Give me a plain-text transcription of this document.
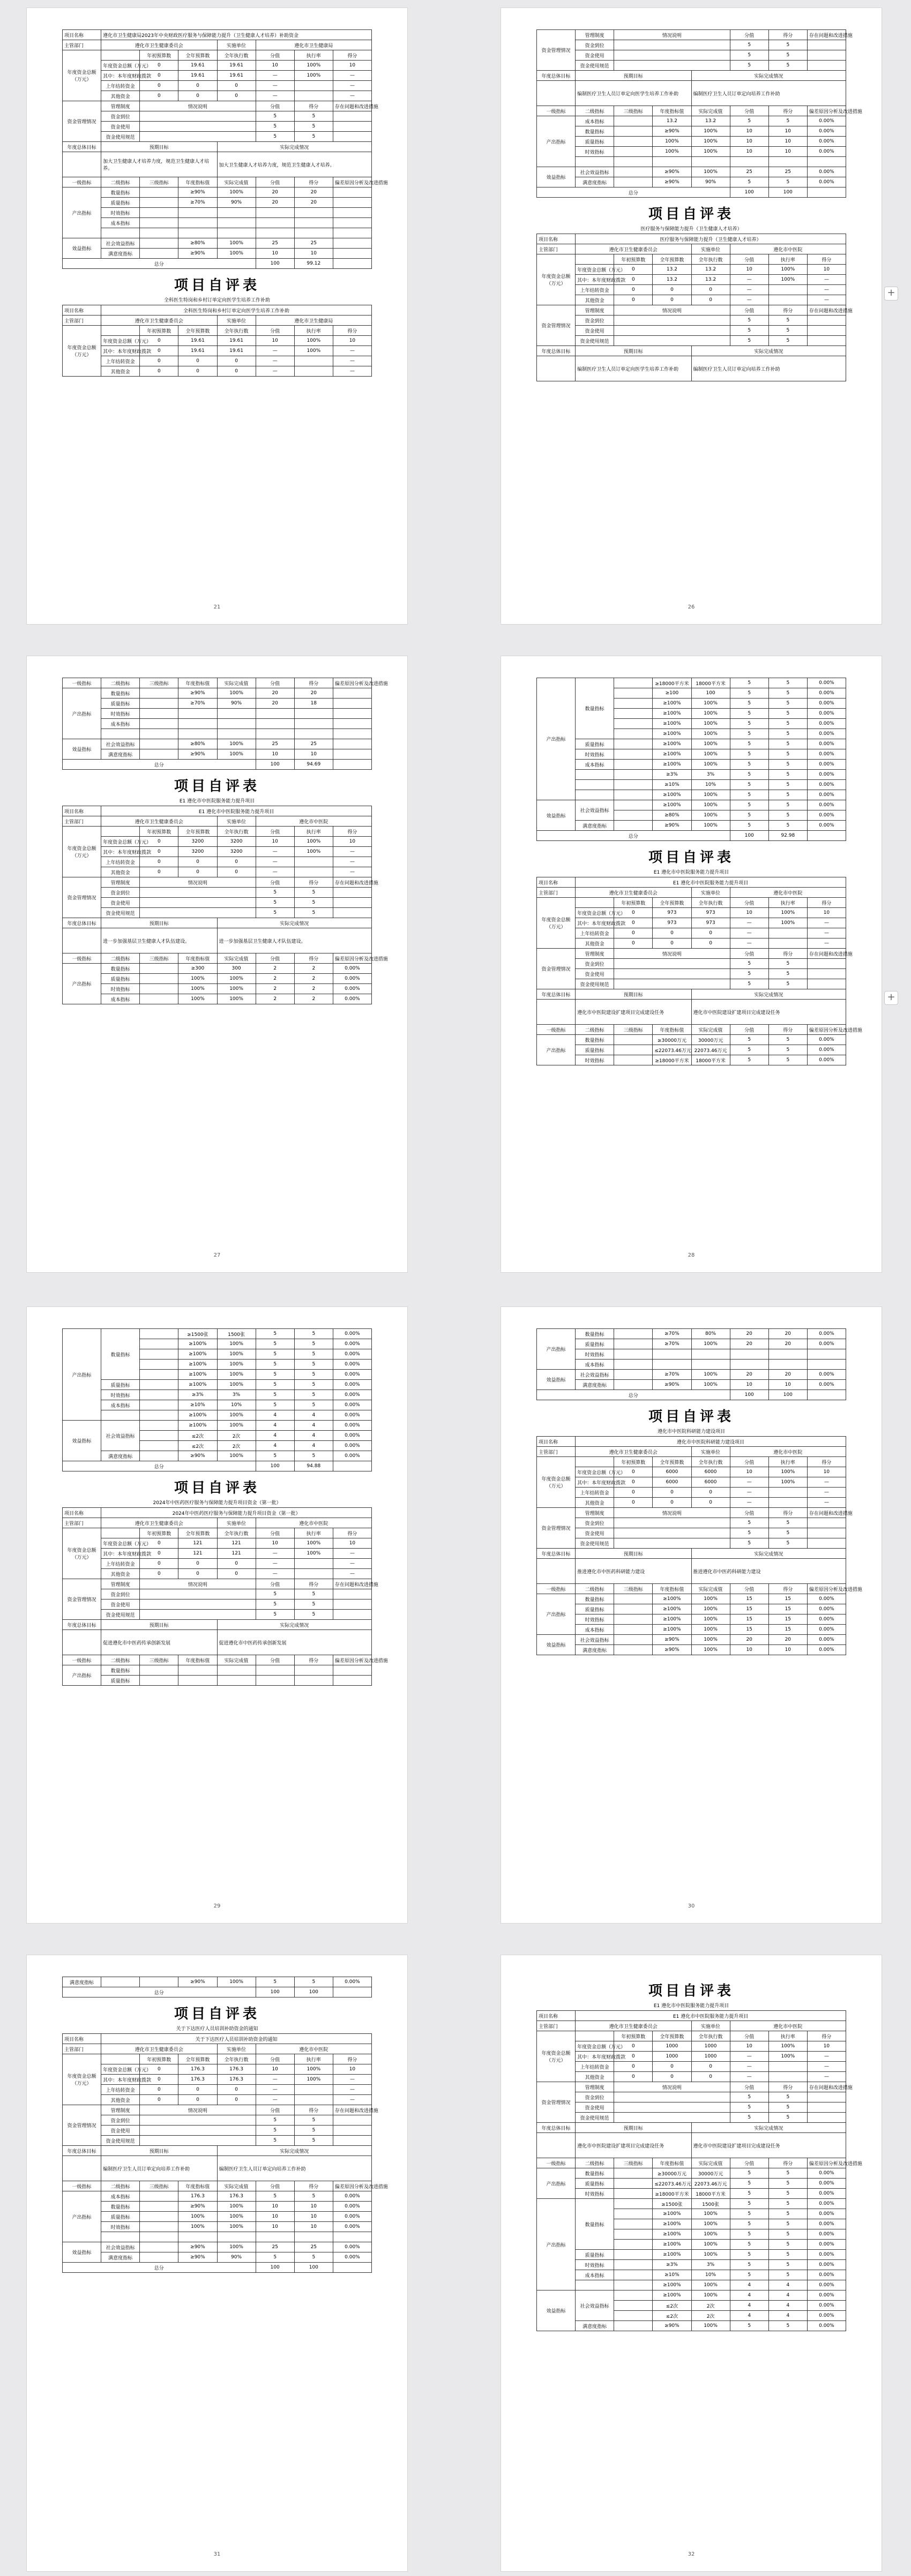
项目名称	遵化市卫生健康局2023年中央财政医疗服务与保障能力提升（卫生健康人才培养）补助资金						
主管部门	遵化市卫生健康委员会			实施单位	遵化市卫生健康局		
年度资金总额（万元）		年初预算数	全年预算数	全年执行数	分值	执行率	得分
	年度资金总额（万元）	0	19.61	19.61	10	100%	10
	其中：本年度财政拨款	0	19.61	19.61	—	100%	—
	上年结转资金	0	0	0	—		—
	其他资金	0	0	0	—		—
资金管理情况	管理制度	情况说明			分值	得分	存在问题和改进措施
	资金到位				5	5	
	资金使用				5	5	
	资金使用规范				5	5	
年度总体目标	预期目标			实际完成情况			
	加大卫生健康人才培养力度，规范卫生健康人才培养。			加大卫生健康人才培养力度，规范卫生健康人才培养。			
一级指标	二级指标	三级指标	年度指标值	实际完成值	分值	得分	偏差原因分析及改进措施
产出指标	数量指标		≥90%	100%	20	20	
	质量指标		≥70%	90%	20	20	
	时效指标						
	成本指标						

效益指标	社会效益指标		≥80%	100%	25	25	
	满意度指标		≥90%	100%	10	10	
总分					100	99.12	
项目自评表
全科医生特岗和乡村订单定向医学生培养工作补助
项目名称	全科医生特岗和乡村订单定向医学生培养工作补助						
主管部门	遵化市卫生健康委员会			实施单位	遵化市卫生健康局		
年度资金总额（万元）		年初预算数	全年预算数	全年执行数	分值	执行率	得分
	年度资金总额（万元）	0	19.61	19.61	10	100%	10
	其中：本年度财政拨款	0	19.61	19.61	—	100%	—
	上年结转资金	0	0	0	—		—
	其他资金	0	0	0	—		—
21
资金管理情况	管理制度	情况说明			分值	得分	存在问题和改进措施
	资金到位				5	5	
	资金使用				5	5	
	资金使用规范				5	5	
年度总体目标	预期目标			实际完成情况			
	编制医疗卫生人员订单定向医学生培养工作补助			编制医疗卫生人员订单定向培养工作补助			
一级指标	二级指标	三级指标	年度指标值	实际完成值	分值	得分	偏差原因分析及改进措施
产出指标	成本指标		13.2	13.2	5	5	0.00%
	数量指标		≥90%	100%	10	10	0.00%
	质量指标		100%	100%	10	10	0.00%
	时效指标		100%	100%	10	10	0.00%

效益指标	社会效益指标		≥90%	100%	25	25	0.00%
	满意度指标		≥90%	90%	5	5	0.00%
总分					100	100	
项目自评表
医疗服务与保障能力提升（卫生健康人才培养）
项目名称	医疗服务与保障能力提升（卫生健康人才培养）						
主管部门	遵化市卫生健康委员会			实施单位	遵化市中医院		
年度资金总额（万元）		年初预算数	全年预算数	全年执行数	分值	执行率	得分
	年度资金总额（万元）	0	13.2	13.2	10	100%	10
	其中：本年度财政拨款	0	13.2	13.2	—	100%	—
	上年结转资金	0	0	0	—		—
	其他资金	0	0	0	—		—
资金管理情况	管理制度	情况说明			分值	得分	存在问题和改进措施
	资金到位				5	5	
	资金使用				5	5	
	资金使用规范				5	5	
年度总体目标	预期目标			实际完成情况			
	编制医疗卫生人员订单定向医学生培养工作补助			编制医疗卫生人员订单定向培养工作补助			
26
+
一级指标	二级指标	三级指标	年度指标值	实际完成值	分值	得分	偏差原因分析及改进措施
产出指标	数量指标		≥90%	100%	20	20	
	质量指标		≥70%	90%	20	18	
	时效指标						
	成本指标						

效益指标	社会效益指标		≥80%	100%	25	25	
	满意度指标		≥90%	100%	10	10	
总分					100	94.69	
项目自评表
E1 遵化市中医院服务能力提升项目
项目名称	E1 遵化市中医院服务能力提升项目						
主管部门	遵化市卫生健康委员会			实施单位	遵化市中医院		
年度资金总额（万元）		年初预算数	全年预算数	全年执行数	分值	执行率	得分
	年度资金总额（万元）	0	3200	3200	10	100%	10
	其中：本年度财政拨款	0	3200	3200	—	100%	—
	上年结转资金	0	0	0	—		—
	其他资金	0	0	0	—		—
资金管理情况	管理制度	情况说明			分值	得分	存在问题和改进措施
	资金到位				5	5	
	资金使用				5	5	
	资金使用规范				5	5	
年度总体目标	预期目标			实际完成情况			
	进一步加强基层卫生健康人才队伍建设。			进一步加强基层卫生健康人才队伍建设。			
一级指标	二级指标	三级指标	年度指标值	实际完成值	分值	得分	偏差原因分析及改进措施
产出指标	数量指标		≥300	300	2	2	0.00%
	质量指标		100%	100%	2	2	0.00%
	时效指标		100%	100%	2	2	0.00%
	成本指标		100%	100%	2	2	0.00%
27
产出指标	数量指标		≥18000平方米	18000平方米	5	5	0.00%
			≥100	100	5	5	0.00%
			≥100%	100%	5	5	0.00%
			≥100%	100%	5	5	0.00%
			≥100%	100%	5	5	0.00%
			≥100%	100%	5	5	0.00%
	质量指标		≥100%	100%	5	5	0.00%
	时效指标		≥100%	100%	5	5	0.00%
	成本指标		≥100%	100%	5	5	0.00%
			≥3%	3%	5	5	0.00%
			≥10%	10%	5	5	0.00%
			≥100%	100%	5	5	0.00%
效益指标	社会效益指标		≥100%	100%	5	5	0.00%
			≥80%	100%	5	5	0.00%
	满意度指标		≥90%	100%	5	5	0.00%
总分					100	92.98	
项目自评表
E1 遵化市中医院服务能力提升项目
项目名称	E1 遵化市中医院服务能力提升项目						
主管部门	遵化市卫生健康委员会			实施单位	遵化市中医院		
年度资金总额（万元）		年初预算数	全年预算数	全年执行数	分值	执行率	得分
	年度资金总额（万元）	0	973	973	10	100%	10
	其中：本年度财政拨款	0	973	973	—	100%	—
	上年结转资金	0	0	0	—		—
	其他资金	0	0	0	—		—
资金管理情况	管理制度	情况说明			分值	得分	存在问题和改进措施
	资金到位				5	5	
	资金使用				5	5	
	资金使用规范				5	5	
年度总体目标	预期目标			实际完成情况			
	遵化市中医院建设扩建项目完成建设任务			遵化市中医院建设扩建项目完成建设任务			
一级指标	二级指标	三级指标	年度指标值	实际完成值	分值	得分	偏差原因分析及改进措施
产出指标	数量指标		≥30000万元	30000万元	5	5	0.00%
	质量指标		≤22073.46万元	22073.46万元	5	5	0.00%
	时效指标		≥18000平方米	18000平方米	5	5	0.00%
28
产出指标	数量指标		≥1500张	1500张	5	5	0.00%
			≥100%	100%	5	5	0.00%
			≥100%	100%	5	5	0.00%
			≥100%	100%	5	5	0.00%
			≥100%	100%	5	5	0.00%
	质量指标		≥100%	100%	5	5	0.00%
	时效指标		≥3%	3%	5	5	0.00%
	成本指标		≥10%	10%	5	5	0.00%
			≥100%	100%	4	4	0.00%
效益指标	社会效益指标		≥100%	100%	4	4	0.00%
			≤2次	2次	4	4	0.00%
			≤2次	2次	4	4	0.00%
	满意度指标		≥90%	100%	5	5	0.00%
总分					100	94.88	
项目自评表
2024年中医药医疗服务与保障能力提升项目资金（第一批）
项目名称	2024年中医药医疗服务与保障能力提升项目资金（第一批）						
主管部门	遵化市卫生健康委员会			实施单位	遵化市中医院		
年度资金总额（万元）		年初预算数	全年预算数	全年执行数	分值	执行率	得分
	年度资金总额（万元）	0	121	121	10	100%	10
	其中：本年度财政拨款	0	121	121	—	100%	—
	上年结转资金	0	0	0	—		—
	其他资金	0	0	0	—		—
资金管理情况	管理制度	情况说明			分值	得分	存在问题和改进措施
	资金到位				5	5	
	资金使用				5	5	
	资金使用规范				5	5	
年度总体目标	预期目标			实际完成情况			
	促进遵化市中医药传承创新发展			促进遵化市中医药传承创新发展			
一级指标	二级指标	三级指标	年度指标值	实际完成值	分值	得分	偏差原因分析及改进措施
产出指标	数量指标						
	质量指标						
29
产出指标	数量指标		≥70%	80%	20	20	0.00%
	质量指标		≥70%	100%	20	20	0.00%
	时效指标						
	成本指标						
效益指标	社会效益指标		≥70%	100%	20	20	0.00%
	满意度指标		≥90%	100%	10	10	0.00%
总分					100	100	
项目自评表
遵化市中医院科研能力建设项目
项目名称	遵化市中医院科研能力建设项目						
主管部门	遵化市卫生健康委员会			实施单位	遵化市中医院		
年度资金总额（万元）		年初预算数	全年预算数	全年执行数	分值	执行率	得分
	年度资金总额（万元）	0	6000	6000	10	100%	10
	其中：本年度财政拨款	0	6000	6000	—	100%	—
	上年结转资金	0	0	0	—		—
	其他资金	0	0	0	—		—
资金管理情况	管理制度	情况说明			分值	得分	存在问题和改进措施
	资金到位				5	5	
	资金使用				5	5	
	资金使用规范				5	5	
年度总体目标	预期目标			实际完成情况			
	推进遵化市中医药科研能力建设			推进遵化市中医药科研能力建设			
一级指标	二级指标	三级指标	年度指标值	实际完成值	分值	得分	偏差原因分析及改进措施
产出指标	数量指标		≥100%	100%	15	15	0.00%
	质量指标		≥100%	100%	15	15	0.00%
	时效指标		≥100%	100%	15	15	0.00%
	成本指标		≥100%	100%	15	15	0.00%
效益指标	社会效益指标		≥90%	100%	20	20	0.00%
	满意度指标		≥90%	100%	10	10	0.00%
30
+
满意度指标			≥90%	100%	5	5	0.00%
总分					100	100	
项目自评表
关于下达医疗人员培训补助资金的通知
项目名称	关于下达医疗人员培训补助资金的通知						
主管部门	遵化市卫生健康委员会			实施单位	遵化市中医院		
年度资金总额（万元）		年初预算数	全年预算数	全年执行数	分值	执行率	得分
	年度资金总额（万元）	0	176.3	176.3	10	100%	10
	其中：本年度财政拨款	0	176.3	176.3	—	100%	—
	上年结转资金	0	0	0	—		—
	其他资金	0	0	0	—		—
资金管理情况	管理制度	情况说明			分值	得分	存在问题和改进措施
	资金到位				5	5	
	资金使用				5	5	
	资金使用规范				5	5	
年度总体目标	预期目标			实际完成情况			
	编制医疗卫生人员订单定向培养工作补助			编制医疗卫生人员订单定向培养工作补助			
一级指标	二级指标	三级指标	年度指标值	实际完成值	分值	得分	偏差原因分析及改进措施
产出指标	成本指标		176.3	176.3	5	5	0.00%
	数量指标		≥90%	100%	10	10	0.00%
	质量指标		100%	100%	10	10	0.00%
	时效指标		100%	100%	10	10	0.00%

效益指标	社会效益指标		≥90%	100%	25	25	0.00%
	满意度指标		≥90%	90%	5	5	0.00%
总分					100	100	
31
项目自评表
E1 遵化市中医院服务能力提升项目
项目名称	E1 遵化市中医院服务能力提升项目						
主管部门	遵化市卫生健康委员会			实施单位	遵化市中医院		
年度资金总额（万元）		年初预算数	全年预算数	全年执行数	分值	执行率	得分
	年度资金总额（万元）	0	1000	1000	10	100%	10
	其中：本年度财政拨款	0	1000	1000	—	100%	—
	上年结转资金	0	0	0	—		—
	其他资金	0	0	0	—		—
资金管理情况	管理制度	情况说明			分值	得分	存在问题和改进措施
	资金到位				5	5	
	资金使用				5	5	
	资金使用规范				5	5	
年度总体目标	预期目标			实际完成情况			
	遵化市中医院建设扩建项目完成建设任务			遵化市中医院建设扩建项目完成建设任务			
一级指标	二级指标	三级指标	年度指标值	实际完成值	分值	得分	偏差原因分析及改进措施
产出指标	数量指标		≥30000万元	30000万元	5	5	0.00%
	质量指标		≤22073.46万元	22073.46万元	5	5	0.00%
	时效指标		≥18000平方米	18000平方米	5	5	0.00%
产出指标	数量指标		≥1500张	1500张	5	5	0.00%
			≥100%	100%	5	5	0.00%
			≥100%	100%	5	5	0.00%
			≥100%	100%	5	5	0.00%
			≥100%	100%	5	5	0.00%
	质量指标		≥100%	100%	5	5	0.00%
	时效指标		≥3%	3%	5	5	0.00%
	成本指标		≥10%	10%	5	5	0.00%
			≥100%	100%	4	4	0.00%
效益指标	社会效益指标		≥100%	100%	4	4	0.00%
			≤2次	2次	4	4	0.00%
			≤2次	2次	4	4	0.00%
	满意度指标		≥90%	100%	5	5	0.00%
32
